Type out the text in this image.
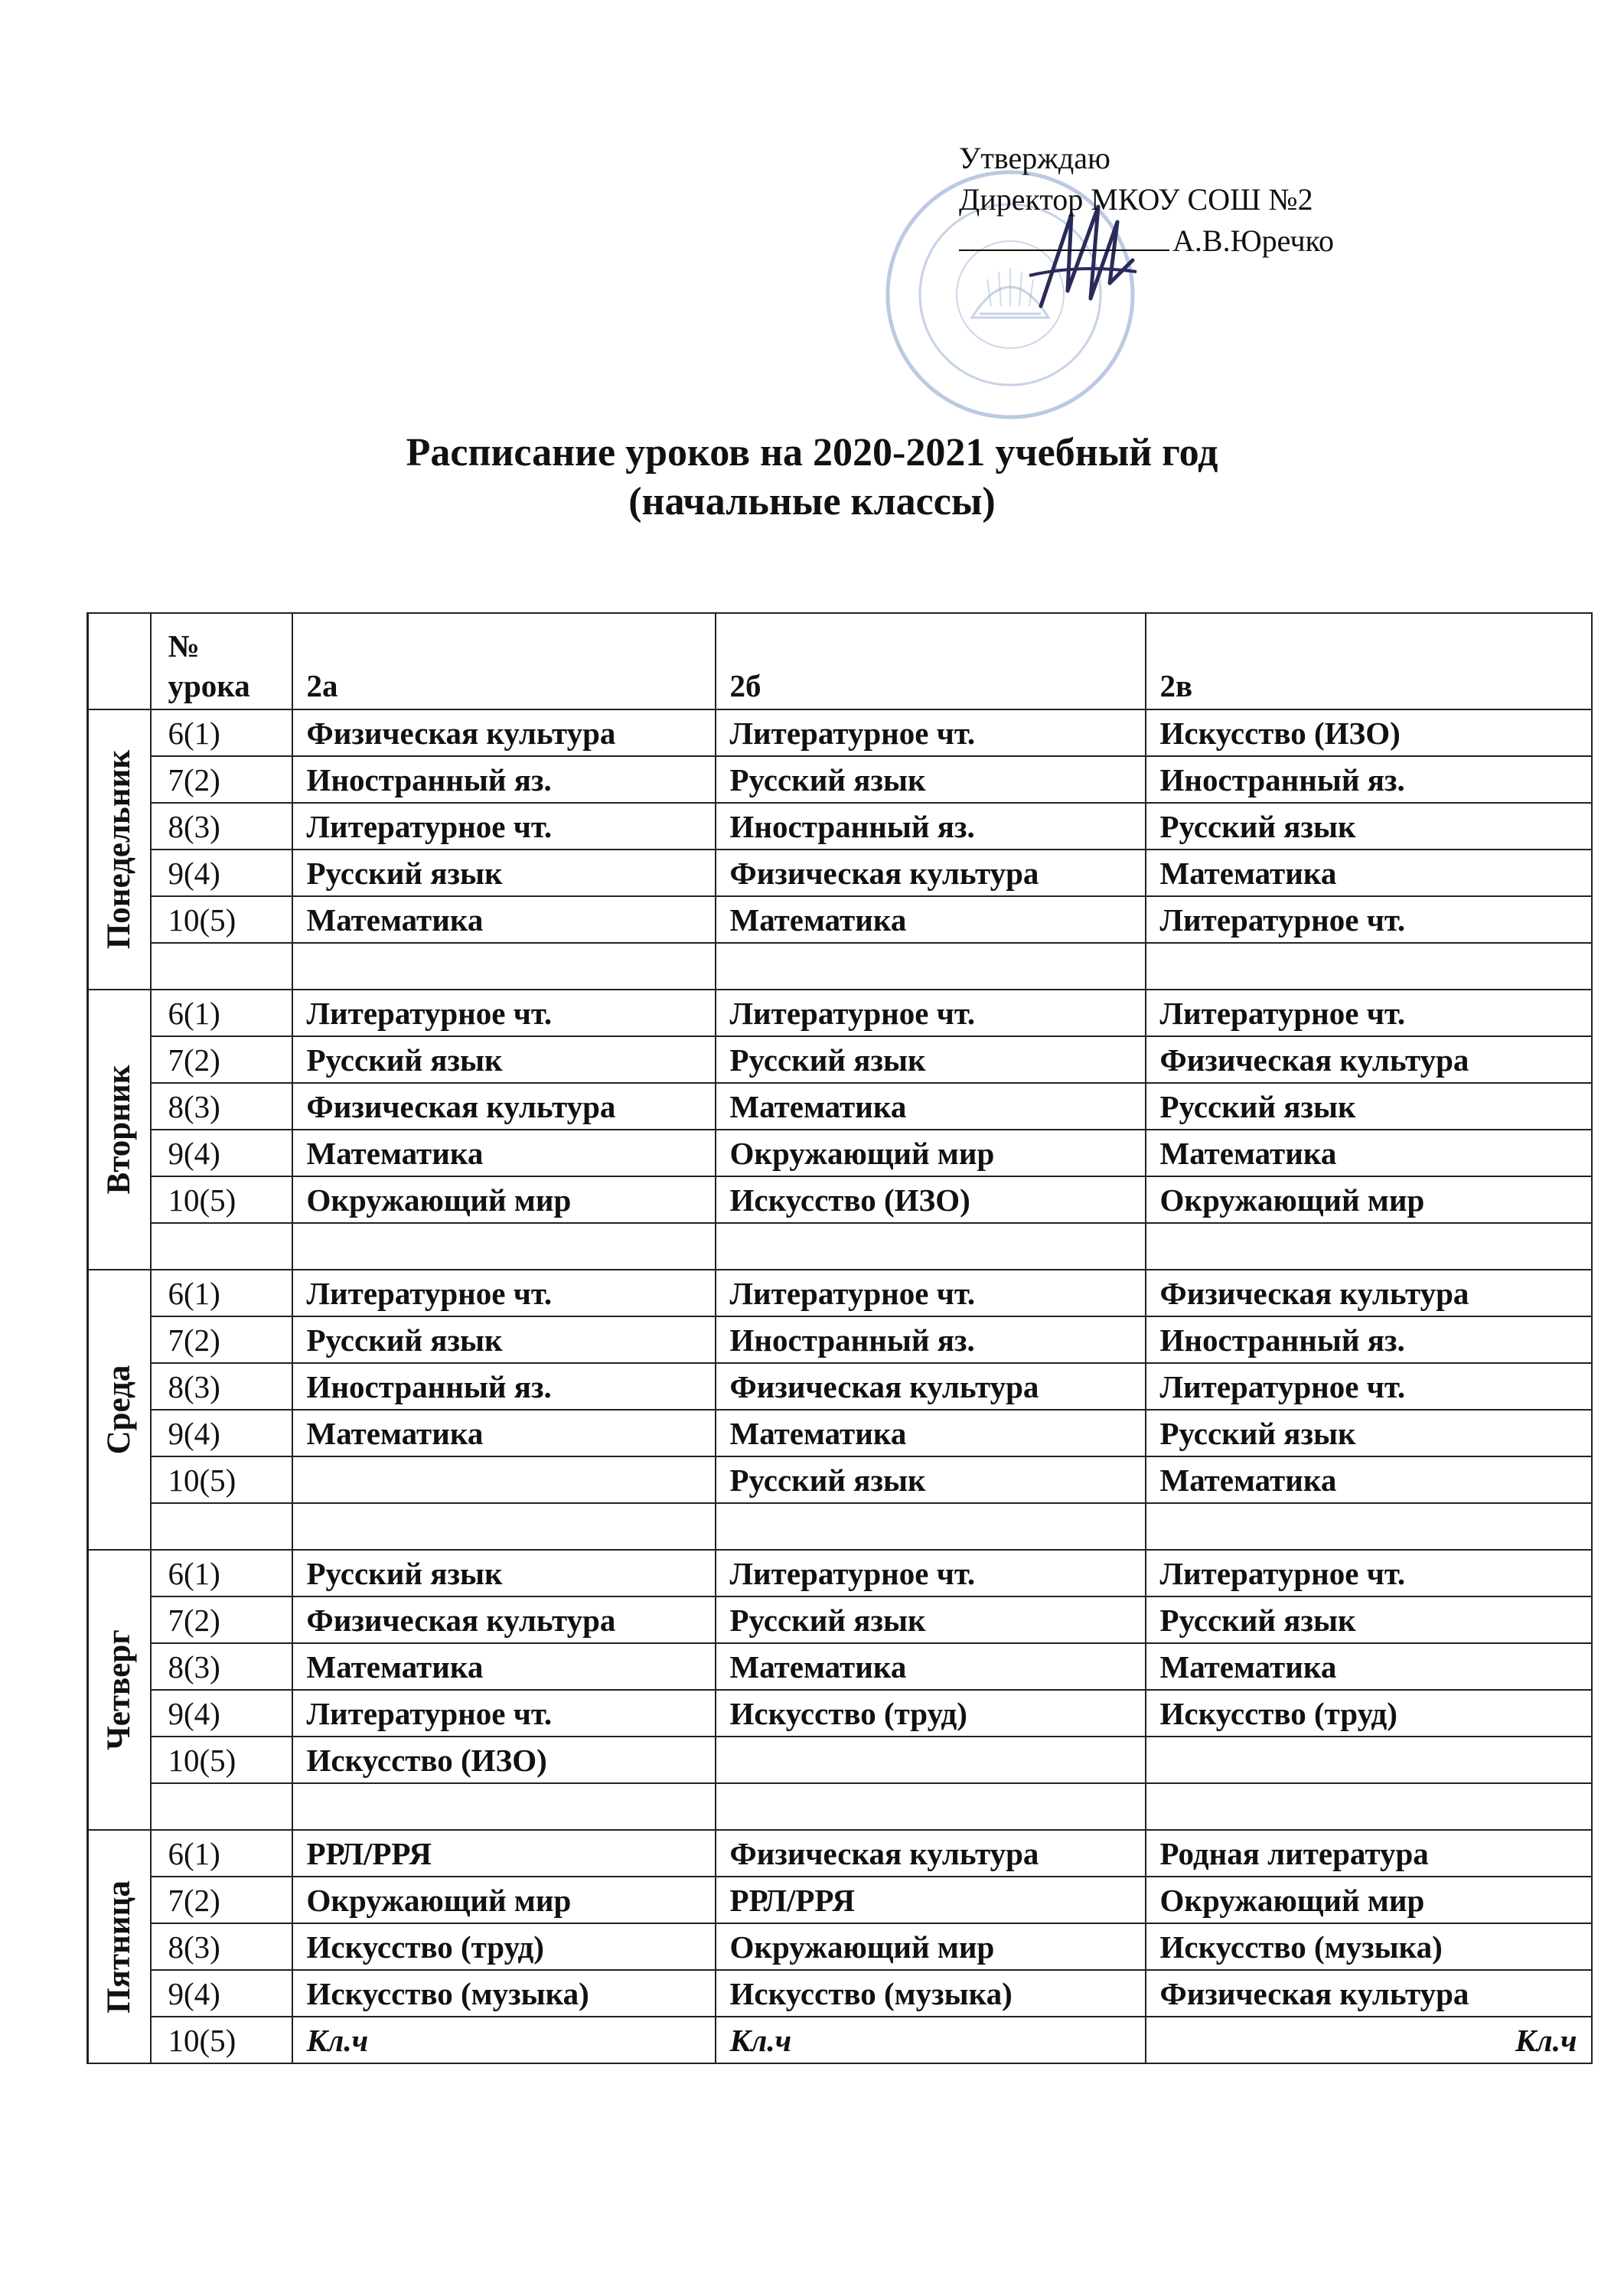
Утверждаю
Директор МКОУ СОШ №2
А.В.Юречко
Расписание уроков на 2020-2021 учебный год
(начальные классы)
	№
урока	2а	2б	2в

Понедельник	6(1)	Физическая культура	Литературное чт.	Искусство (ИЗО)
	7(2)	Иностранный яз.	Русский язык	Иностранный яз.
	8(3)	Литературное чт.	Иностранный яз.	Русский язык
	9(4)	Русский язык	Физическая культура	Математика
	10(5)	Математика	Математика	Литературное чт.

Вторник	6(1)	Литературное чт.	Литературное чт.	Литературное чт.
	7(2)	Русский язык	Русский язык	Физическая культура
	8(3)	Физическая культура	Математика	Русский язык
	9(4)	Математика	Окружающий мир	Математика
	10(5)	Окружающий мир	Искусство (ИЗО)	Окружающий мир

Среда	6(1)	Литературное чт.	Литературное чт.	Физическая культура
	7(2)	Русский язык	Иностранный яз.	Иностранный яз.
	8(3)	Иностранный яз.	Физическая культура	Литературное чт.
	9(4)	Математика	Математика	Русский язык
	10(5)		Русский язык	Математика

Четверг	6(1)	Русский язык	Литературное чт.	Литературное чт.
	7(2)	Физическая культура	Русский язык	Русский язык
	8(3)	Математика	Математика	Математика
	9(4)	Литературное чт.	Искусство (труд)	Искусство (труд)
	10(5)	Искусство (ИЗО)		

Пятница	6(1)	РРЛ/РРЯ	Физическая культура	Родная литература
	7(2)	Окружающий мир	РРЛ/РРЯ	Окружающий мир
	8(3)	Искусство (труд)	Окружающий мир	Искусство (музыка)
	9(4)	Искусство (музыка)	Искусство (музыка)	Физическая культура
	10(5)	Кл.ч	Кл.ч	Кл.ч
